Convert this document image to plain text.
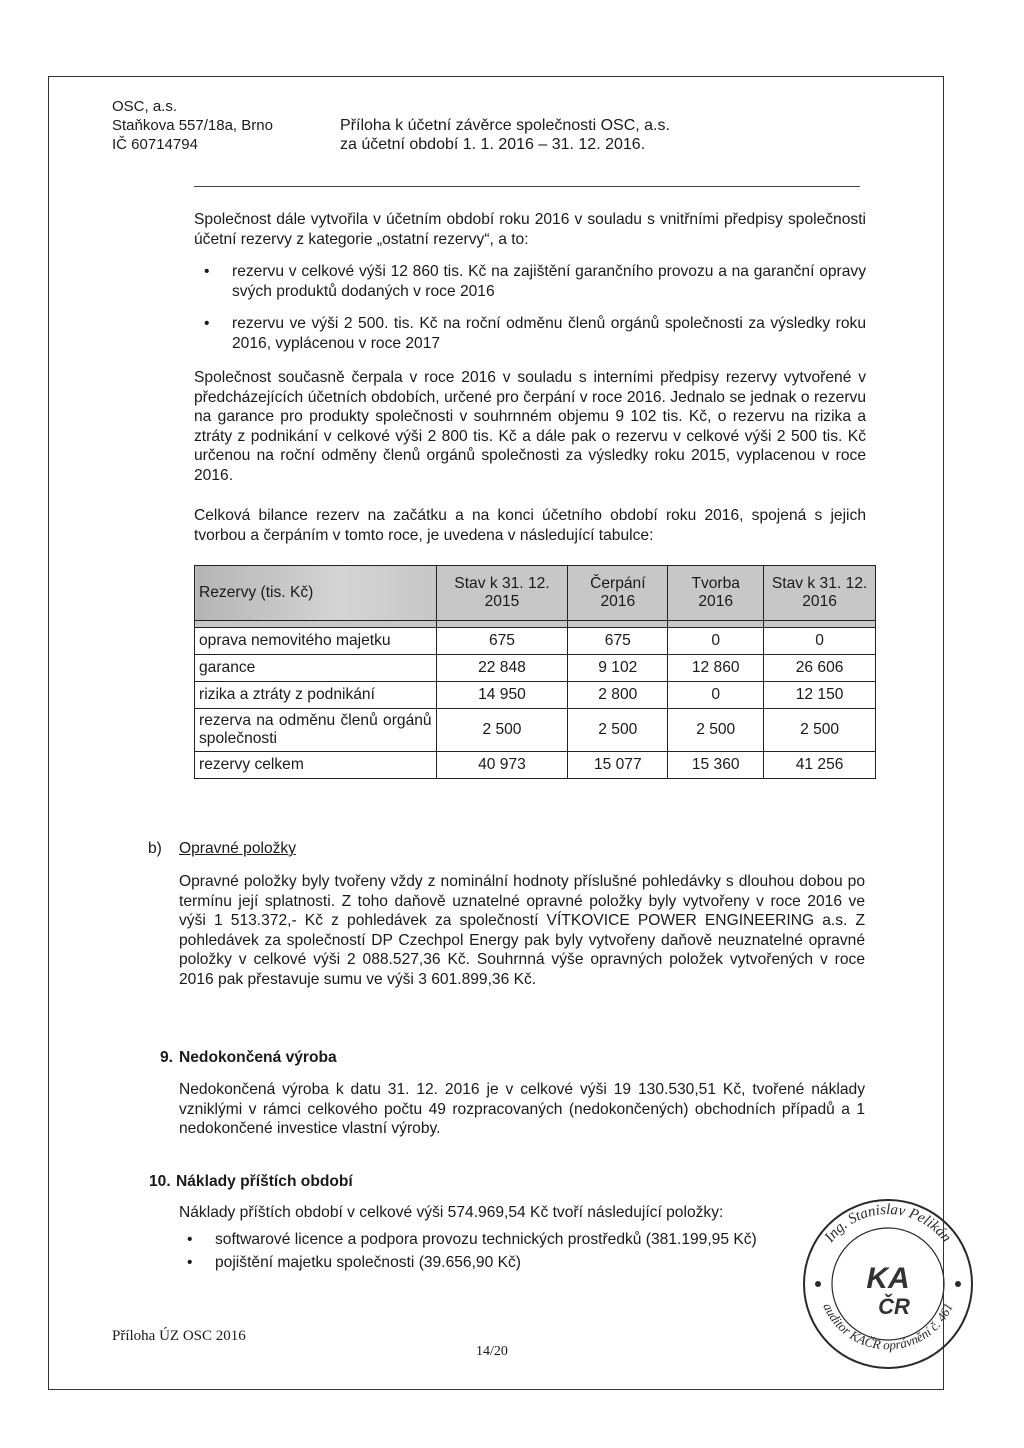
OSC, a.s.
Staňkova 557/18a, Brno
IČ 60714794
Příloha k účetní závěrce společnosti OSC, a.s.
za účetní období 1. 1. 2016 – 31. 12. 2016.

Společnost dále vytvořila v účetním období roku 2016 v souladu s vnitřními předpisy společnosti účetní rezervy z kategorie „ostatní rezervy“, a to:

• rezervu v celkové výši 12 860 tis. Kč na zajištění garančního provozu a na garanční opravy svých produktů dodaných v roce 2016
• rezervu ve výši 2 500. tis. Kč na roční odměnu členů orgánů společnosti za výsledky roku 2016, vyplácenou v roce 2017

Společnost současně čerpala v roce 2016 v souladu s interními předpisy rezervy vytvořené v předcházejících účetních obdobích, určené pro čerpání v roce 2016. Jednalo se jednak o rezervu na garance pro produkty společnosti v souhrnném objemu 9 102 tis. Kč, o rezervu na rizika a ztráty z podnikání v celkové výši 2 800 tis. Kč a dále pak o rezervu v celkové výši 2 500 tis. Kč určenou na roční odměny členů orgánů společnosti za výsledky roku 2015, vyplacenou v roce 2016.

Celková bilance rezerv na začátku a na konci účetního období roku 2016, spojená s jejich tvorbou a čerpáním v tomto roce, je uvedena v následující tabulce:

Rezervy (tis. Kč)	Stav k 31. 12. 2015	Čerpání 2016	Tvorba 2016	Stav k 31. 12. 2016

oprava nemovitého majetku	675	675	0	0
garance	22 848	9 102	12 860	26 606
rizika a ztráty z podnikání	14 950	2 800	0	12 150
rezerva na odměnu členů orgánů společnosti	2 500	2 500	2 500	2 500
rezervy celkem	40 973	15 077	15 360	41 256
b) Opravné položky

Opravné položky byly tvořeny vždy z nominální hodnoty příslušné pohledávky s dlouhou dobou po termínu její splatnosti. Z toho daňově uznatelné opravné položky byly vytvořeny v roce 2016 ve výši 1 513.372,- Kč z pohledávek za společností VÍTKOVICE POWER ENGINEERING a.s. Z pohledávek za společností DP Czechpol Energy pak byly vytvořeny daňově neuznatelné opravné položky v celkové výši 2 088.527,36 Kč. Souhrnná výše opravných položek vytvořených v roce 2016 pak přestavuje sumu ve výši 3 601.899,36 Kč.

9. Nedokončená výroba

Nedokončená výroba k datu 31. 12. 2016 je v celkové výši 19 130.530,51 Kč, tvořené náklady vzniklými v rámci celkového počtu 49 rozpracovaných (nedokončených) obchodních případů a 1 nedokončené investice vlastní výroby.

10. Náklady příštích období

Náklady příštích období v celkové výši 574.969,54 Kč tvoří následující položky:

• softwarové licence a podpora provozu technických prostředků (381.199,95 Kč)
• pojištění majetku společnosti (39.656,90 Kč)
Příloha ÚZ OSC 2016
14/20
Ing. Stanislav Pelikán
auditor KAČR oprávnění č. 461
KA
ČR
